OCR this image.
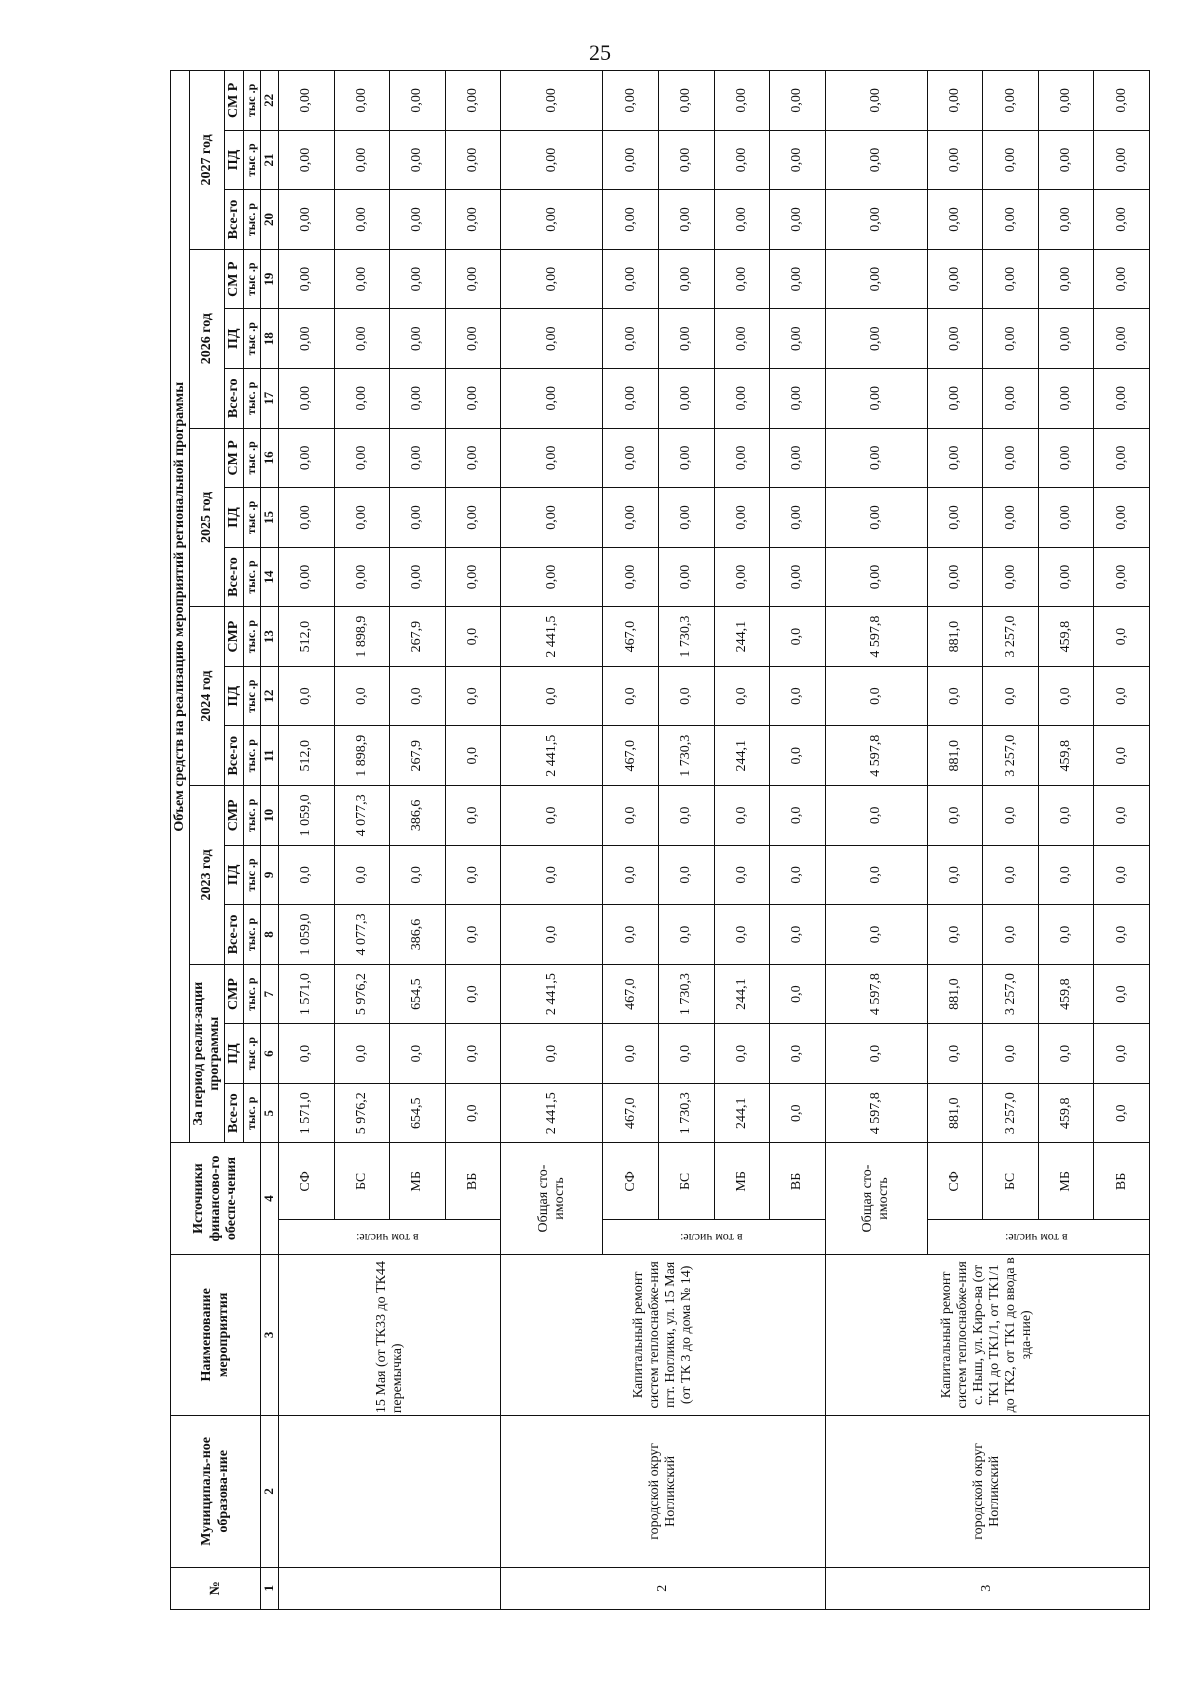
25
№	Муниципаль-ное образова-ние	Наименование мероприятия	Источники финансово-го обеспе-чения		Объем средств на реализацию мероприятий региональной программы																	
					За период реали-зации программы			2023 год			2024 год			2025 год			2026 год			2027 год		
					Все-го	ПД	СМР	Все-го	ПД	СМР	Все-го	ПД	СМР	Все-го	ПД	СМ Р	Все-го	ПД	СМ Р	Все-го	ПД	СМ Р
					тыс. р	тыс .р	тыс. р	тыс. р	тыс .р	тыс. р	тыс. р	тыс .р	тыс. р	тыс. р	тыс .р	тыс .р	тыс. р	тыс .р	тыс .р	тыс. р	тыс .р	тыс .р
1	2	3	4		5	6	7	8	9	10	11	12	13	14	15	16	17	18	19	20	21	22
		15 Мая (от ТК33 до ТК44 перемычка)	в том числе:	СФ	1 571,0	0,0	1 571,0	1 059,0	0,0	1 059,0	512,0	0,0	512,0	0,00	0,00	0,00	0,00	0,00	0,00	0,00	0,00	0,00
				БС	5 976,2	0,0	5 976,2	4 077,3	0,0	4 077,3	1 898,9	0,0	1 898,9	0,00	0,00	0,00	0,00	0,00	0,00	0,00	0,00	0,00
				МБ	654,5	0,0	654,5	386,6	0,0	386,6	267,9	0,0	267,9	0,00	0,00	0,00	0,00	0,00	0,00	0,00	0,00	0,00
				ВБ	0,0	0,0	0,0	0,0	0,0	0,0	0,0	0,0	0,0	0,00	0,00	0,00	0,00	0,00	0,00	0,00	0,00	0,00
2	городской округ Ногликский	Капитальный ремонт систем теплоснабже-ния пгт. Ноглики, ул. 15 Мая (от ТК 3 до дома № 14)	Общая сто-имость		2 441,5	0,0	2 441,5	0,0	0,0	0,0	2 441,5	0,0	2 441,5	0,00	0,00	0,00	0,00	0,00	0,00	0,00	0,00	0,00
			в том числе:	СФ	467,0	0,0	467,0	0,0	0,0	0,0	467,0	0,0	467,0	0,00	0,00	0,00	0,00	0,00	0,00	0,00	0,00	0,00
				БС	1 730,3	0,0	1 730,3	0,0	0,0	0,0	1 730,3	0,0	1 730,3	0,00	0,00	0,00	0,00	0,00	0,00	0,00	0,00	0,00
				МБ	244,1	0,0	244,1	0,0	0,0	0,0	244,1	0,0	244,1	0,00	0,00	0,00	0,00	0,00	0,00	0,00	0,00	0,00
				ВБ	0,0	0,0	0,0	0,0	0,0	0,0	0,0	0,0	0,0	0,00	0,00	0,00	0,00	0,00	0,00	0,00	0,00	0,00
3	городской округ Ногликский	Капитальный ремонт систем теплоснабже-ния с. Ныш, ул. Киро-ва (от ТК1 до ТК1/1, от ТК1/1 до ТК2, от ТК1 до ввода в зда-ние)	Общая сто-имость		4 597,8	0,0	4 597,8	0,0	0,0	0,0	4 597,8	0,0	4 597,8	0,00	0,00	0,00	0,00	0,00	0,00	0,00	0,00	0,00
			в том числе:	СФ	881,0	0,0	881,0	0,0	0,0	0,0	881,0	0,0	881,0	0,00	0,00	0,00	0,00	0,00	0,00	0,00	0,00	0,00
				БС	3 257,0	0,0	3 257,0	0,0	0,0	0,0	3 257,0	0,0	3 257,0	0,00	0,00	0,00	0,00	0,00	0,00	0,00	0,00	0,00
				МБ	459,8	0,0	459,8	0,0	0,0	0,0	459,8	0,0	459,8	0,00	0,00	0,00	0,00	0,00	0,00	0,00	0,00	0,00
				ВБ	0,0	0,0	0,0	0,0	0,0	0,0	0,0	0,0	0,0	0,00	0,00	0,00	0,00	0,00	0,00	0,00	0,00	0,00
